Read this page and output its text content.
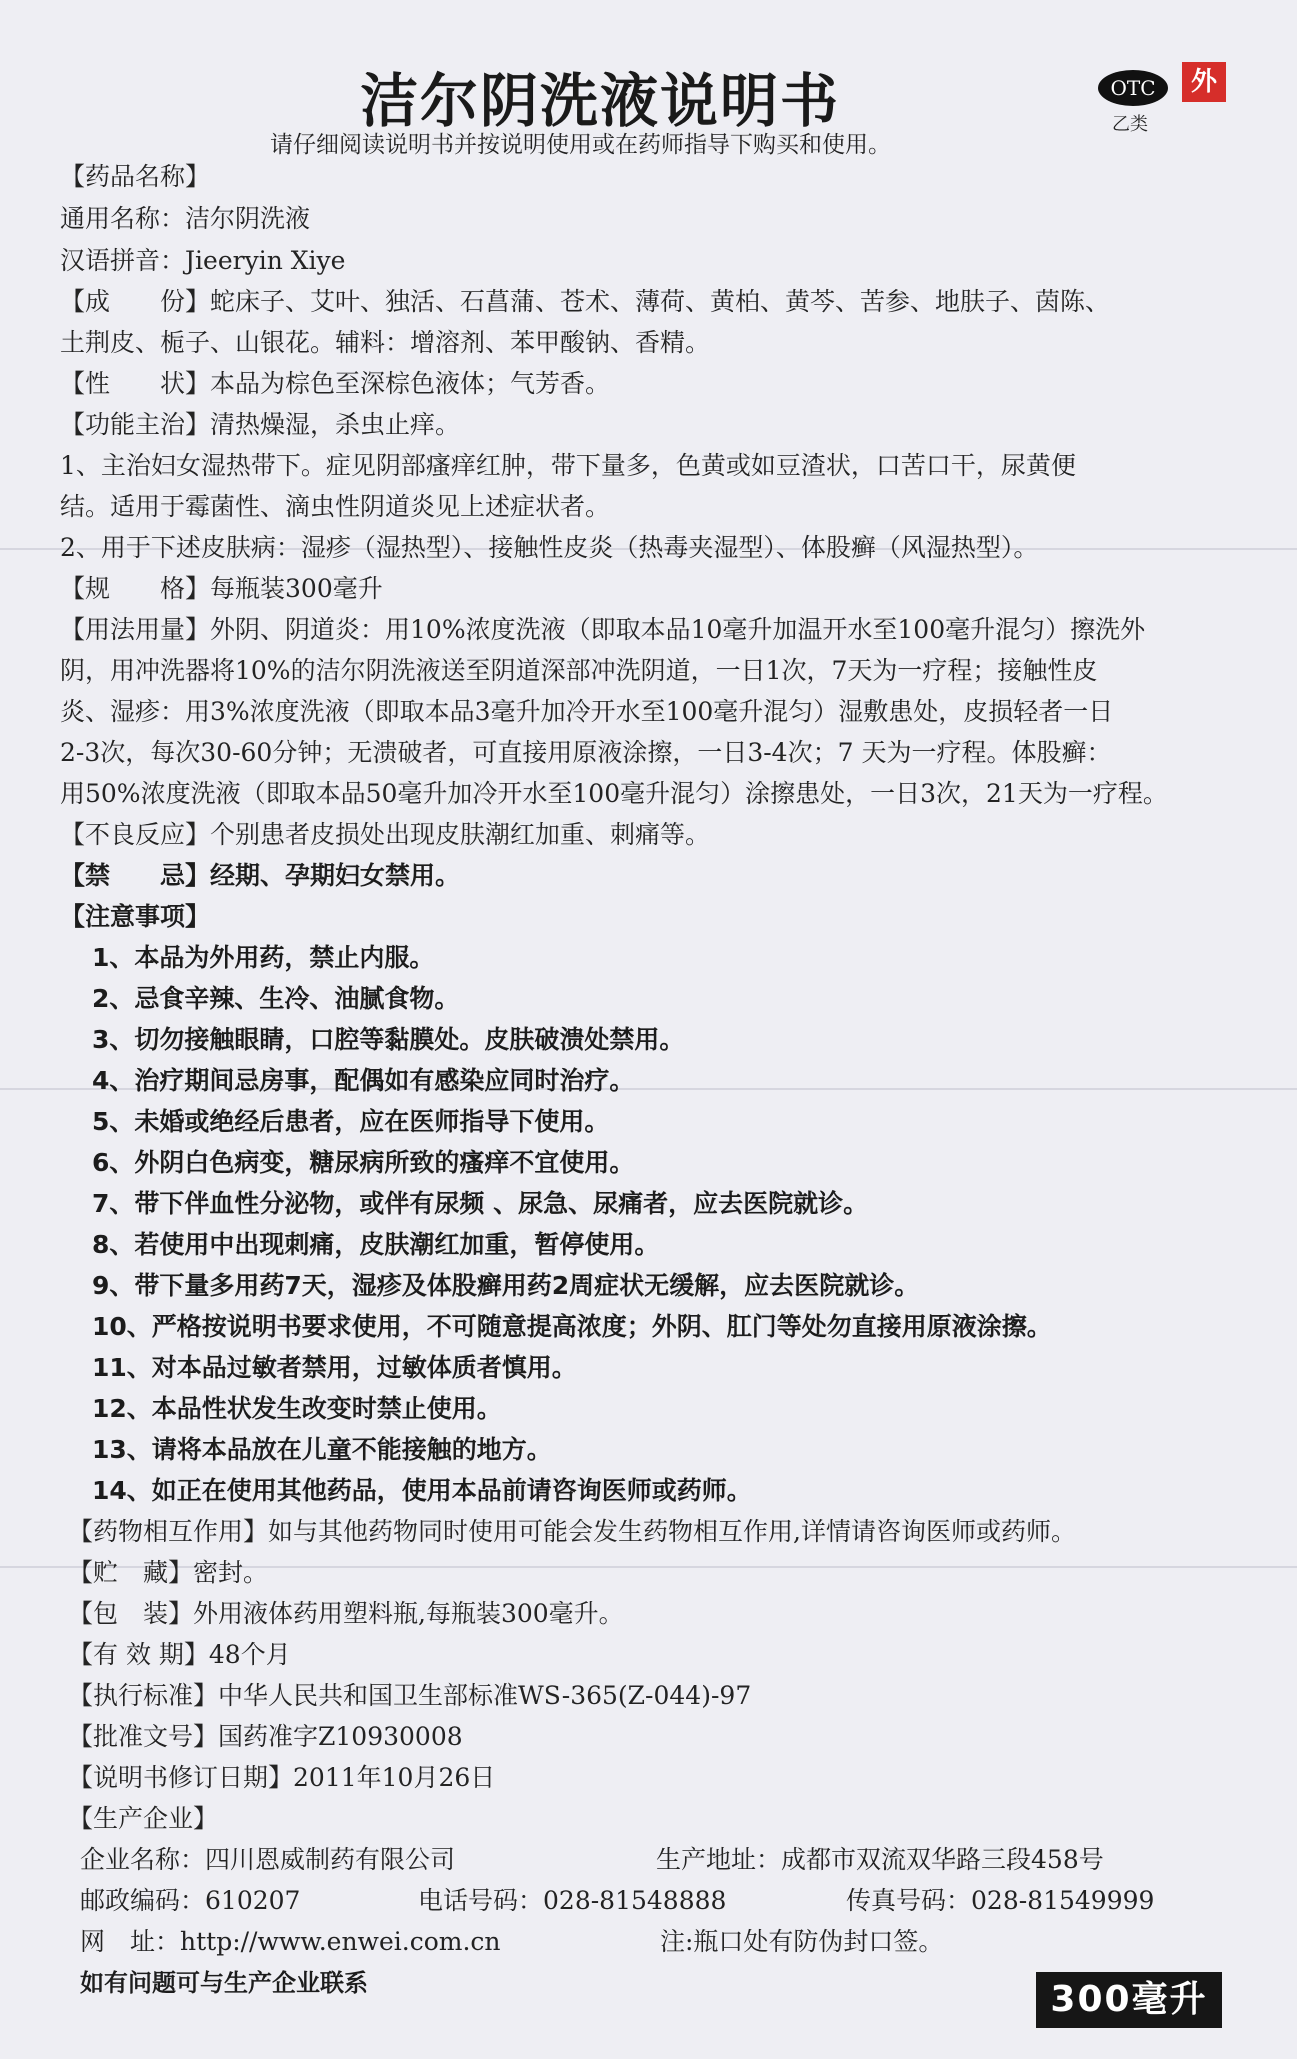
洁尔阴洗液说明书
请仔细阅读说明书并按说明使用或在药师指导下购买和使用。
OTC
乙类
外
【药品名称】
通用名称：洁尔阴洗液
汉语拼音：Jieeryin Xiye
【成　　份】蛇床子、艾叶、独活、石菖蒲、苍术、薄荷、黄柏、黄芩、苦参、地肤子、茵陈、
土荆皮、栀子、山银花。辅料：增溶剂、苯甲酸钠、香精。
【性　　状】本品为棕色至深棕色液体；气芳香。
【功能主治】清热燥湿，杀虫止痒。
1、主治妇女湿热带下。症见阴部瘙痒红肿，带下量多，色黄或如豆渣状，口苦口干，尿黄便
结。适用于霉菌性、滴虫性阴道炎见上述症状者。
2、用于下述皮肤病：湿疹（湿热型）、接触性皮炎（热毒夹湿型）、体股癣（风湿热型）。
【规　　格】每瓶装300毫升
【用法用量】外阴、阴道炎：用10%浓度洗液（即取本品10毫升加温开水至100毫升混匀）擦洗外
阴，用冲洗器将10%的洁尔阴洗液送至阴道深部冲洗阴道，一日1次，7天为一疗程；接触性皮
炎、湿疹：用3%浓度洗液（即取本品3毫升加冷开水至100毫升混匀）湿敷患处，皮损轻者一日
2-3次，每次30-60分钟；无溃破者，可直接用原液涂擦，一日3-4次；7 天为一疗程。体股癣：
用50%浓度洗液（即取本品50毫升加冷开水至100毫升混匀）涂擦患处，一日3次，21天为一疗程。
【不良反应】个别患者皮损处出现皮肤潮红加重、刺痛等。
【禁　　忌】经期、孕期妇女禁用。
【注意事项】
1、本品为外用药，禁止内服。
2、忌食辛辣、生冷、油腻食物。
3、切勿接触眼睛，口腔等黏膜处。皮肤破溃处禁用。
4、治疗期间忌房事，配偶如有感染应同时治疗。
5、未婚或绝经后患者，应在医师指导下使用。
6、外阴白色病变，糖尿病所致的瘙痒不宜使用。
7、带下伴血性分泌物，或伴有尿频 、尿急、尿痛者，应去医院就诊。
8、若使用中出现刺痛，皮肤潮红加重，暂停使用。
9、带下量多用药7天，湿疹及体股癣用药2周症状无缓解，应去医院就诊。
10、严格按说明书要求使用，不可随意提高浓度；外阴、肛门等处勿直接用原液涂擦。
11、对本品过敏者禁用，过敏体质者慎用。
12、本品性状发生改变时禁止使用。
13、请将本品放在儿童不能接触的地方。
14、如正在使用其他药品，使用本品前请咨询医师或药师。
【药物相互作用】如与其他药物同时使用可能会发生药物相互作用,详情请咨询医师或药师。
【贮　藏】密封。
【包　装】外用液体药用塑料瓶,每瓶装300毫升。
【有 效 期】48个月
【执行标准】中华人民共和国卫生部标准WS-365(Z-044)-97
【批准文号】国药准字Z10930008
【说明书修订日期】2011年10月26日
【生产企业】
企业名称：四川恩威制药有限公司	生产地址：成都市双流双华路三段458号
邮政编码：610207	电话号码：028-81548888	传真号码：028-81549999
网　址：http://www.enwei.com.cn	注:瓶口处有防伪封口签。
如有问题可与生产企业联系	300毫升
